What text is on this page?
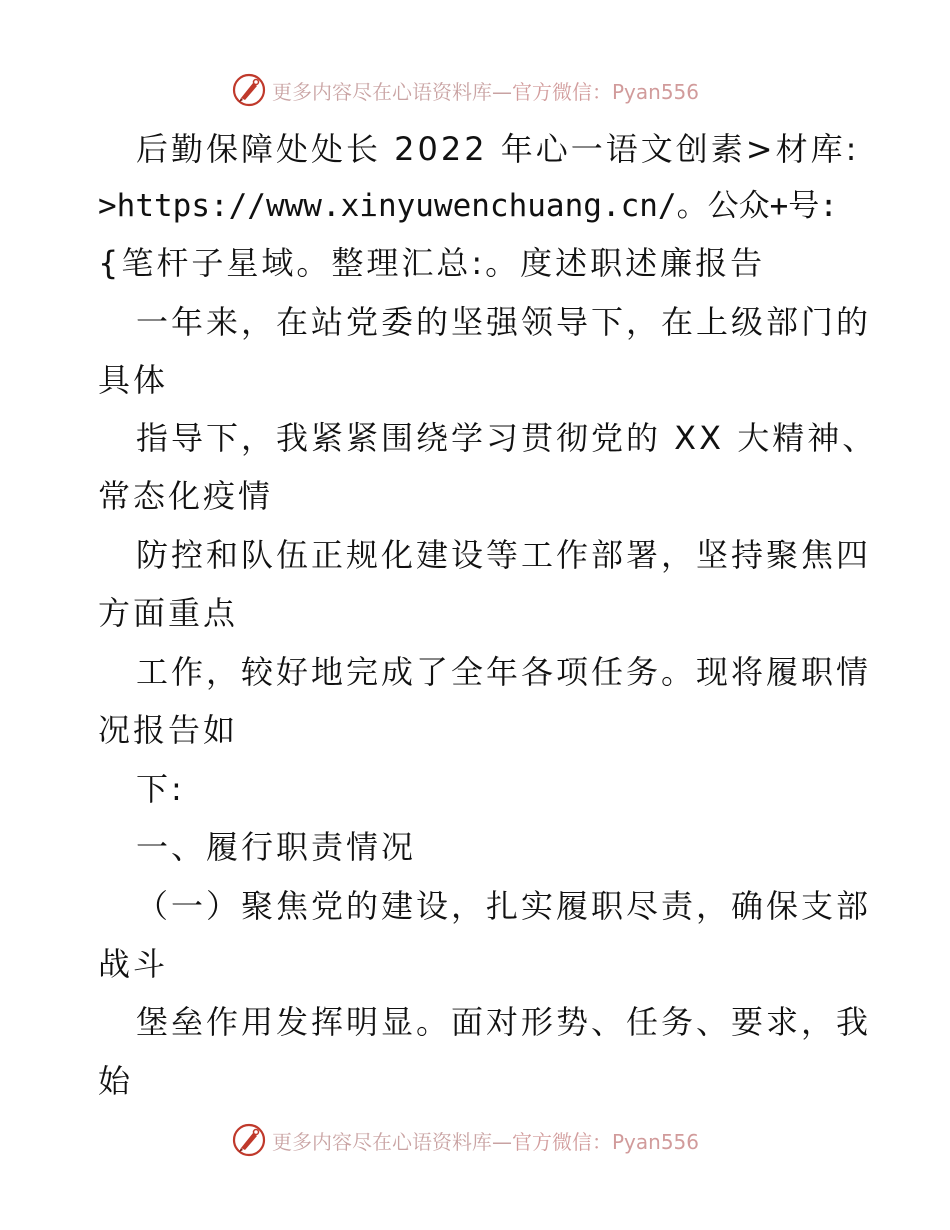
更多内容尽在心语资料库—官方微信：Pyan556
后勤保障处处长 2022 年心一语文创素>材库:
>https://www.xinyuwenchuang.cn/。公众+号:
{笔杆子星域。整理汇总:。度述职述廉报告
一年来，在站党委的坚强领导下，在上级部门的
具体
指导下，我紧紧围绕学习贯彻党的 XX 大精神、
常态化疫情
防控和队伍正规化建设等工作部署，坚持聚焦四
方面重点
工作，较好地完成了全年各项任务。现将履职情
况报告如
下:
一、履行职责情况
（一）聚焦党的建设，扎实履职尽责，确保支部
战斗
堡垒作用发挥明显。面对形势、任务、要求，我
始
更多内容尽在心语资料库—官方微信：Pyan556
